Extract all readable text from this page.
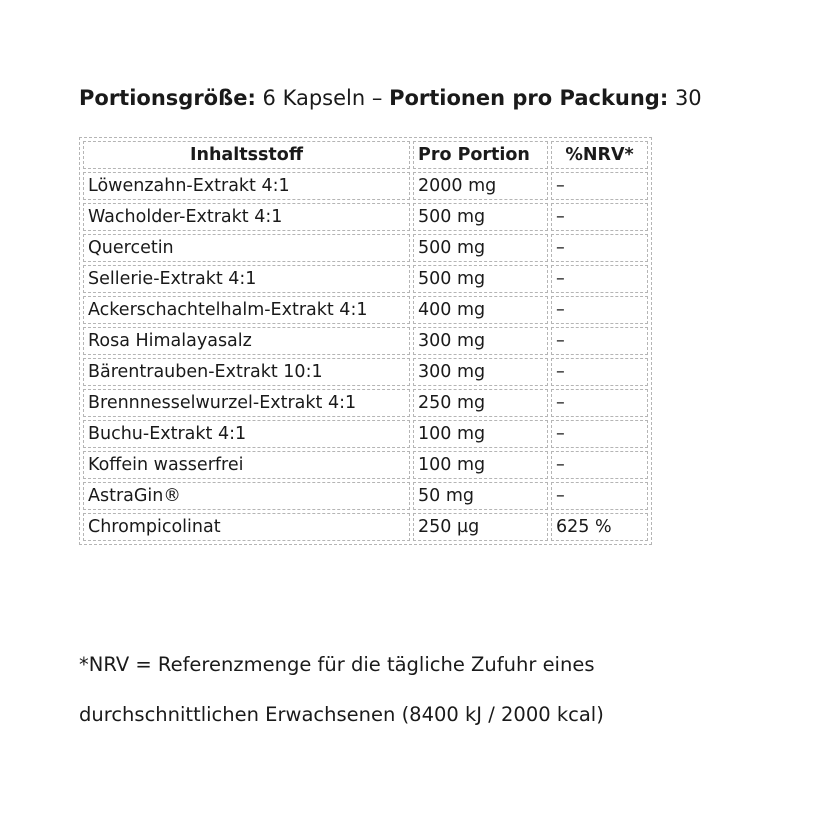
Portionsgröße: 6 Kapseln – Portionen pro Packung: 30
Inhaltsstoff	Pro Portion	%NRV*
Löwenzahn-Extrakt 4:1	2000 mg	–
Wacholder-Extrakt 4:1	500 mg	–
Quercetin	500 mg	–
Sellerie-Extrakt 4:1	500 mg	–
Ackerschachtelhalm-Extrakt 4:1	400 mg	–
Rosa Himalayasalz	300 mg	–
Bärentrauben-Extrakt 10:1	300 mg	–
Brennnesselwurzel-Extrakt 4:1	250 mg	–
Buchu-Extrakt 4:1	100 mg	–
Koffein wasserfrei	100 mg	–
AstraGin®	50 mg	–
Chrompicolinat	250 µg	625 %
*NRV = Referenzmenge für die tägliche Zufuhr eines
durchschnittlichen Erwachsenen (8400 kJ / 2000 kcal)
